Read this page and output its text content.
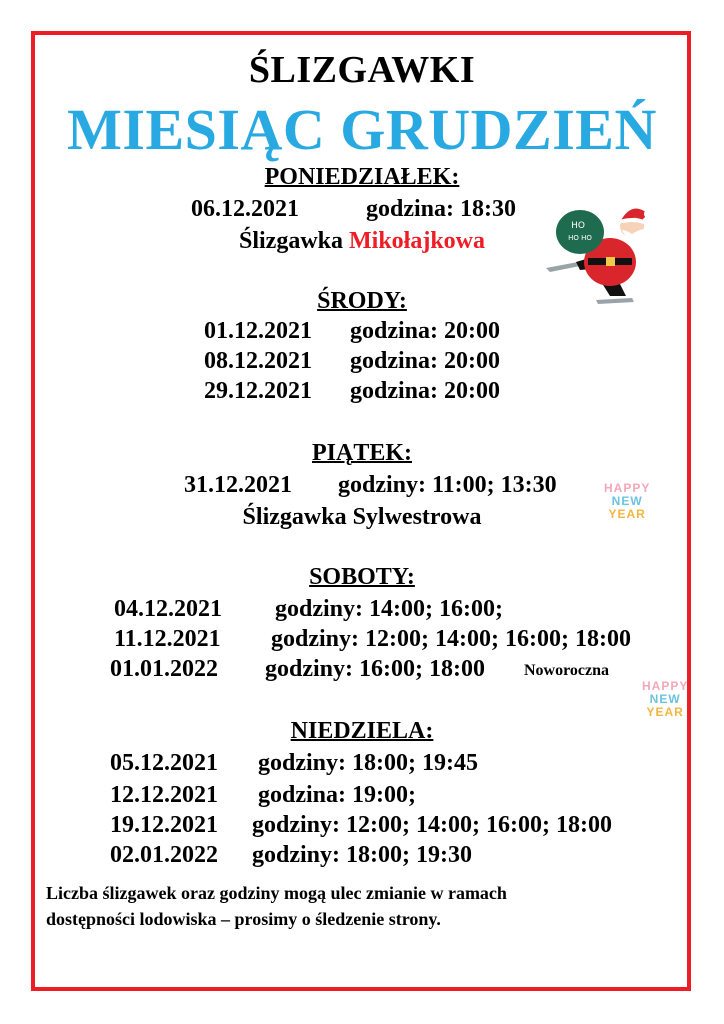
ŚLIZGAWKI
MIESIĄC GRUDZIEŃ
PONIEDZIAŁEK:
06.12.2021	godzina: 18:30
Ślizgawka Mikołajkowa
HO
HO HO
ŚRODY:
01.12.2021 godzina: 20:00
08.12.2021 godzina: 20:00
29.12.2021 godzina: 20:00
PIĄTEK:
31.12.2021 godziny: 11:00; 13:30
Ślizgawka Sylwestrowa
HAPPY
NEW
YEAR
SOBOTY:
04.12.2021 godziny: 14:00; 16:00;
11.12.2021 godziny: 12:00; 14:00; 16:00; 18:00
01.01.2022 godziny: 16:00; 18:00 Noworoczna
HAPPY
NEW
YEAR
NIEDZIELA:
05.12.2021 godziny: 18:00; 19:45
12.12.2021 godzina: 19:00;
19.12.2021 godziny: 12:00; 14:00; 16:00; 18:00
02.01.2022 godziny: 18:00; 19:30
Liczba ślizgawek oraz godziny mogą ulec zmianie w ramach
dostępności lodowiska – prosimy o śledzenie strony.
